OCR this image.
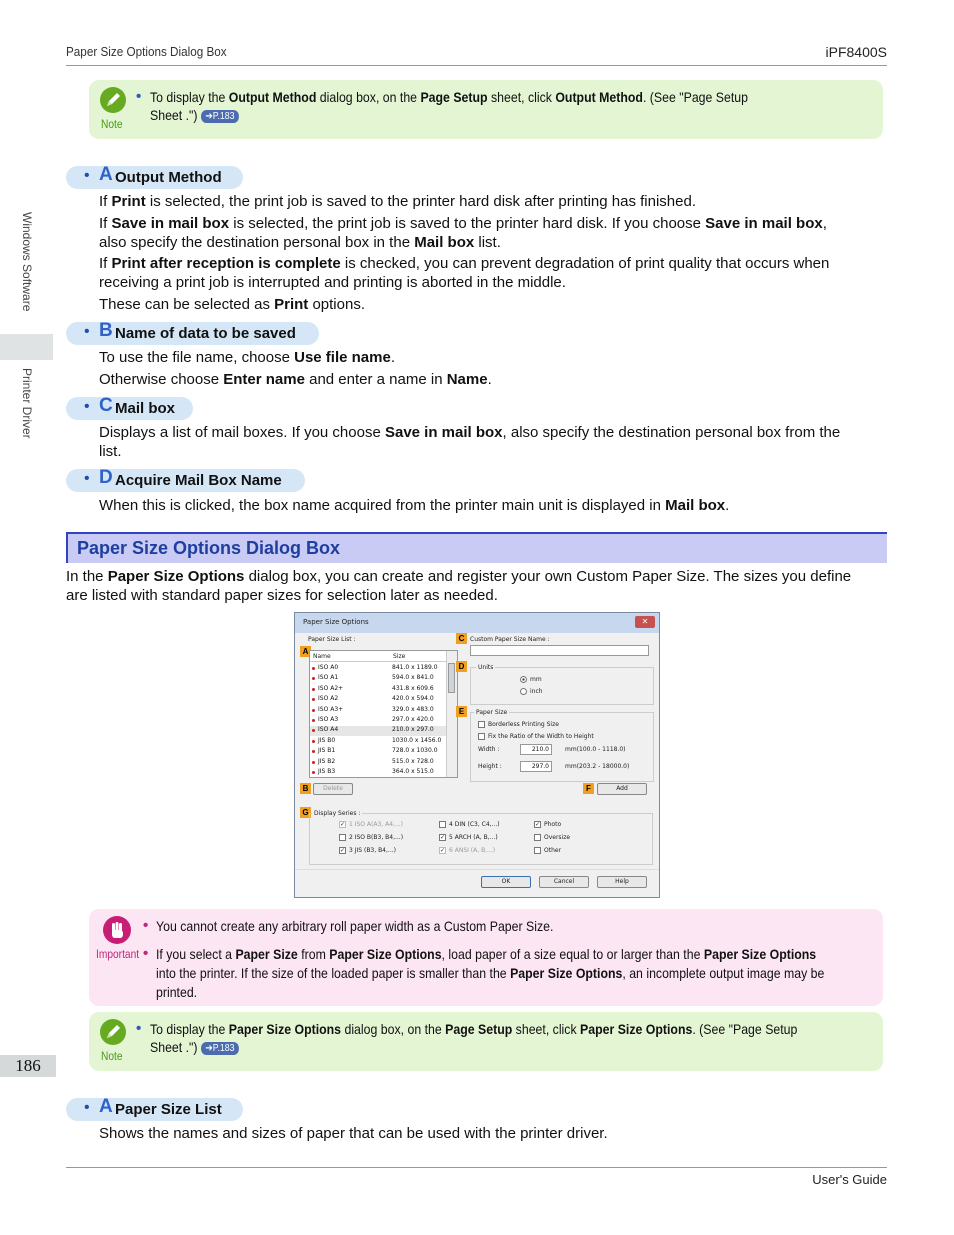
Paper Size Options Dialog Box	iPF8400S
Windows Software
Printer Driver
186
Note
• To display the Output Method dialog box, on the Page Setup sheet, click Output Method. (See "Page Setup
Sheet .") ➔P.183
• A Output Method
If Print is selected, the print job is saved to the printer hard disk after printing has finished.
If Save in mail box is selected, the print job is saved to the printer hard disk. If you choose Save in mail box,
also specify the destination personal box in the Mail box list.
If Print after reception is complete is checked, you can prevent degradation of print quality that occurs when
receiving a print job is interrupted and printing is aborted in the middle.
These can be selected as Print options.
• B Name of data to be saved
To use the file name, choose Use file name.
Otherwise choose Enter name and enter a name in Name.
• C Mail box
Displays a list of mail boxes. If you choose Save in mail box, also specify the destination personal box from the
list.
• D Acquire Mail Box Name
When this is clicked, the box name acquired from the printer main unit is displayed in Mail box.
Paper Size Options Dialog Box
In the Paper Size Options dialog box, you can create and register your own Custom Paper Size. The sizes you define
are listed with standard paper sizes for selection later as needed.
Paper Size Options	✕
Paper Size List :
A
Name	Size
ISO A0	841.0 x 1189.0
ISO A1	594.0 x 841.0
ISO A2+	431.8 x 609.6
ISO A2	420.0 x 594.0
ISO A3+	329.0 x 483.0
ISO A3	297.0 x 420.0
ISO A4	210.0 x 297.0
JIS B0	1030.0 x 1456.0
JIS B1	728.0 x 1030.0
JIS B2	515.0 x 728.0
JIS B3	364.0 x 515.0
C Custom Paper Size Name :
D	Units
mm
inch
E	Paper Size
Borderless Printing Size
Fix the Ratio of the Width to Height
Width :	210.0	mm(100.0 - 1118.0)
Height :	297.0	mm(203.2 - 18000.0)
B	Delete	F	Add
G Display Series :
✓ 1 ISO A(A3, A4,...)
2 ISO B(B3, B4,...)
✓ 3 JIS (B3, B4,...)
4 DIN (C3, C4,...)
✓ 5 ARCH (A, B,...)
✓ 6 ANSI (A, B,...)
✓ Photo
Oversize
Other
OK	Cancel	Help
Important
• You cannot create any arbitrary roll paper width as a Custom Paper Size.
• If you select a Paper Size from Paper Size Options, load paper of a size equal to or larger than the Paper Size Options
into the printer. If the size of the loaded paper is smaller than the Paper Size Options, an incomplete output image may be
printed.
Note
• To display the Paper Size Options dialog box, on the Page Setup sheet, click Paper Size Options. (See "Page Setup
Sheet .") ➔P.183
• A Paper Size List
Shows the names and sizes of paper that can be used with the printer driver.
User's Guide
